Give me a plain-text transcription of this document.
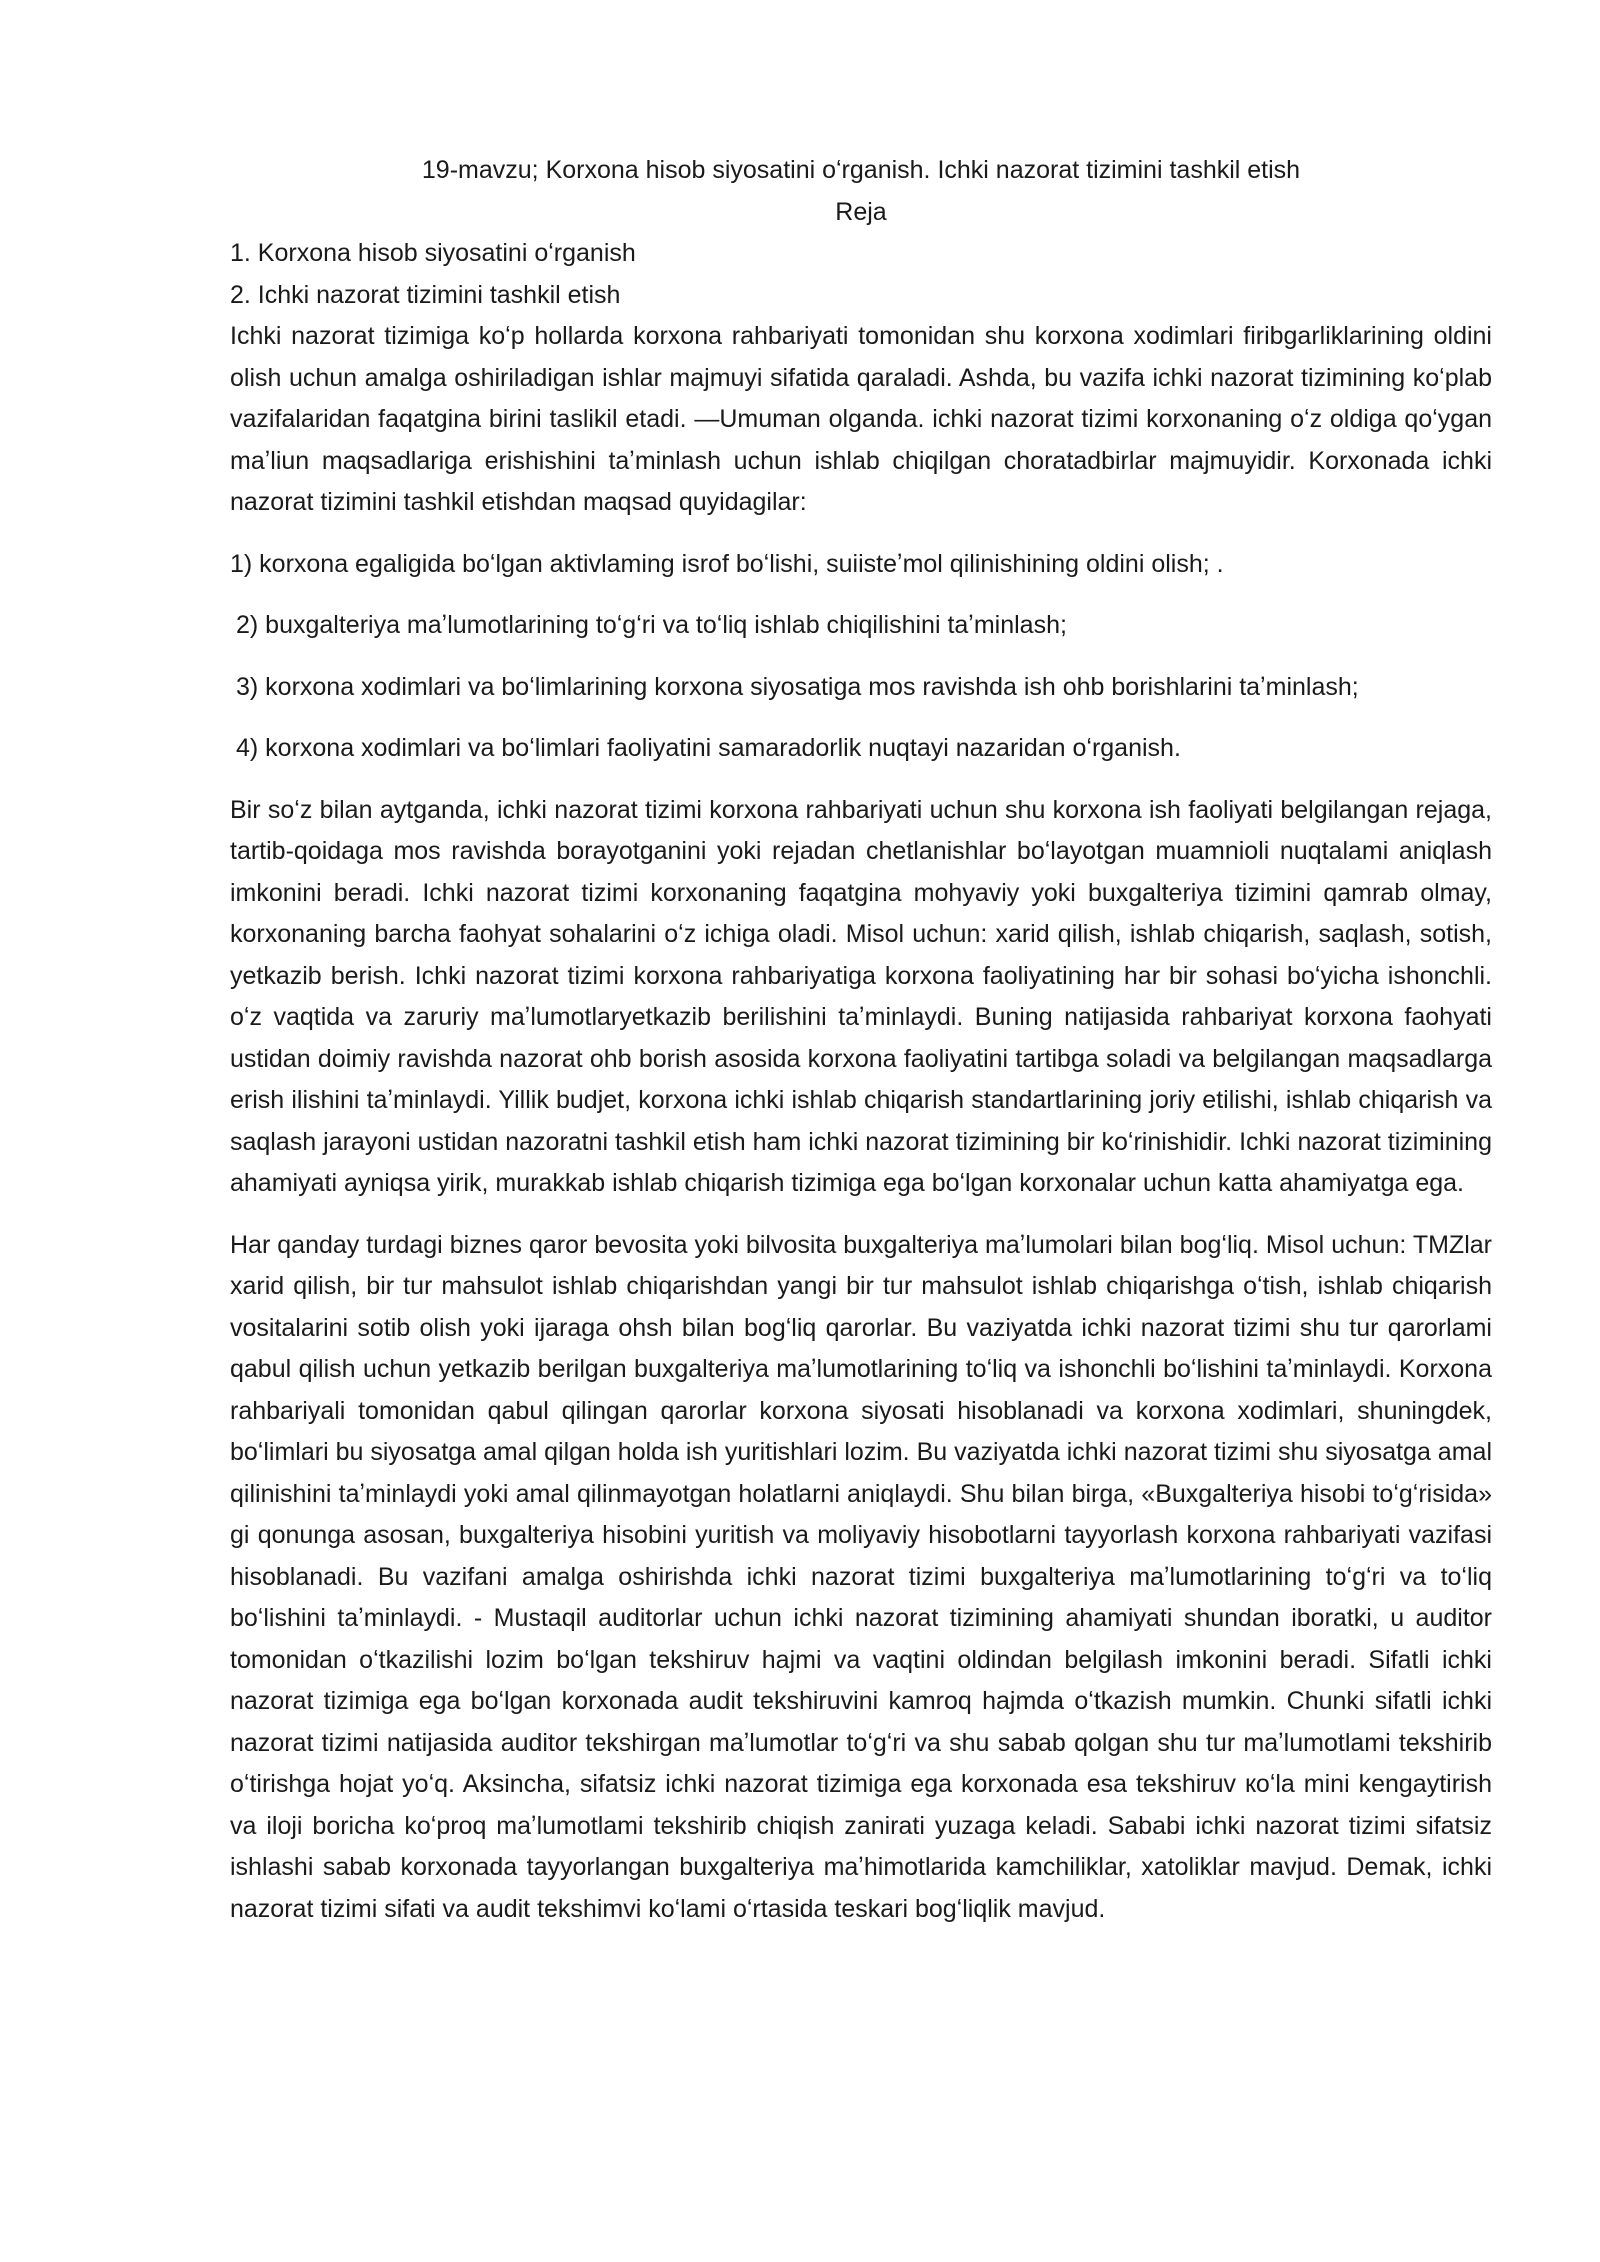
19-mavzu; Korxona hisob siyosatini oʻrganish. Ichki nazorat tizimini tashkil etish
Reja
1. Korxona hisob siyosatini oʻrganish
2. Ichki nazorat tizimini tashkil etish

Ichki nazorat tizimiga koʻp hollarda korxona rahbariyati tomonidan shu korxona xodimlari firibgarliklarining oldini olish uchun amalga oshiriladigan ishlar majmuyi sifatida qaraladi. Ashda, bu vazifa ichki nazorat tizimining koʻplab vazifalaridan faqatgina birini taslikil etadi. —Umuman olganda. ichki nazorat tizimi korxonaning oʻz oldiga qoʻygan maʼliun maqsadlariga erishishini taʼminlash uchun ishlab chiqilgan choratadbirlar majmuyidir. Korxonada ichki nazorat tizimini tashkil etishdan maqsad quyidagilar:

1) korxona egaligida boʻlgan aktivlaming isrof boʻlishi, suiisteʼmol qilinishining oldini olish; .
2) buxgalteriya maʼlumotlarining toʻgʻri va toʻliq ishlab chiqilishini taʼminlash;
3) korxona xodimlari va boʻlimlarining korxona siyosatiga mos ravishda ish ohb borishlarini taʼminlash;
4) korxona xodimlari va boʻlimlari faoliyatini samaradorlik nuqtayi nazaridan oʻrganish.

Bir soʻz bilan aytganda, ichki nazorat tizimi korxona rahbariyati uchun shu korxona ish faoliyati belgilangan rejaga, tartib-qoidaga mos ravishda borayotganini yoki rejadan chetlanishlar boʻlayotgan muamnioli nuqtalami aniqlash imkonini beradi. Ichki nazorat tizimi korxonaning faqatgina mohyaviy yoki buxgalteriya tizimini qamrab olmay, korxonaning barcha faohyat sohalarini oʻz ichiga oladi. Misol uchun: xarid qilish, ishlab chiqarish, saqlash, sotish, yetkazib berish. Ichki nazorat tizimi korxona rahbariyatiga korxona faoliyatining har bir sohasi boʻyicha ishonchli. oʻz vaqtida va zaruriy maʼlumotlaryetkazib berilishini taʼminlaydi. Buning natijasida rahbariyat korxona faohyati ustidan doimiy ravishda nazorat ohb borish asosida korxona faoliyatini tartibga soladi va belgilangan maqsadlarga erish ilishini taʼminlaydi. Yillik budjet, korxona ichki ishlab chiqarish standartlarining joriy etilishi, ishlab chiqarish va saqlash jarayoni ustidan nazoratni tashkil etish ham ichki nazorat tizimining bir koʻrinishidir. Ichki nazorat tizimining ahamiyati ayniqsa yirik, murakkab ishlab chiqarish tizimiga ega boʻlgan korxonalar uchun katta ahamiyatga ega.

Har qanday turdagi biznes qaror bevosita yoki bilvosita buxgalteriya maʼlumolari bilan bogʻliq. Misol uchun: TMZlar xarid qilish, bir tur mahsulot ishlab chiqarishdan yangi bir tur mahsulot ishlab chiqarishga oʻtish, ishlab chiqarish vositalarini sotib olish yoki ijaraga ohsh bilan bogʻliq qarorlar. Bu vaziyatda ichki nazorat tizimi shu tur qarorlami qabul qilish uchun yetkazib berilgan buxgalteriya maʼlumotlarining toʻliq va ishonchli boʻlishini taʼminlaydi. Korxona rahbariyali tomonidan qabul qilingan qarorlar korxona siyosati hisoblanadi va korxona xodimlari, shuningdek, boʻlimlari bu siyosatga amal qilgan holda ish yuritishlari lozim. Bu vaziyatda ichki nazorat tizimi shu siyosatga amal qilinishini taʼminlaydi yoki amal qilinmayotgan holatlarni aniqlaydi. Shu bilan birga, «Buxgalteriya hisobi toʻgʻrisida» gi qonunga asosan, buxgalteriya hisobini yuritish va moliyaviy hisobotlarni tayyorlash korxona rahbariyati vazifasi hisoblanadi. Bu vazifani amalga oshirishda ichki nazorat tizimi buxgalteriya maʼlumotlarining toʻgʻri va toʻliq boʻlishini taʼminlaydi. - Mustaqil auditorlar uchun ichki nazorat tizimining ahamiyati shundan iboratki, u auditor tomonidan oʻtkazilishi lozim boʻlgan tekshiruv hajmi va vaqtini oldindan belgilash imkonini beradi. Sifatli ichki nazorat tizimiga ega boʻlgan korxonada audit tekshiruvini kamroq hajmda oʻtkazish mumkin. Chunki sifatli ichki nazorat tizimi natijasida auditor tekshirgan maʼlumotlar toʻgʻri va shu sabab qolgan shu tur maʼlumotlami tekshirib oʻtirishga hojat yoʻq. Aksincha, sifatsiz ichki nazorat tizimiga ega korxonada esa tekshiruv кoʻla mini kengaytirish va iloji boricha koʻproq maʼlumotlami tekshirib chiqish zanirati yuzaga keladi. Sababi ichki nazorat tizimi sifatsiz ishlashi sabab korxonada tayyorlangan buxgalteriya maʼhimotlarida kamchiliklar, xatoliklar mavjud. Demak, ichki nazorat tizimi sifati va audit tekshimvi koʻlami oʻrtasida teskari bogʻliqlik mavjud.
